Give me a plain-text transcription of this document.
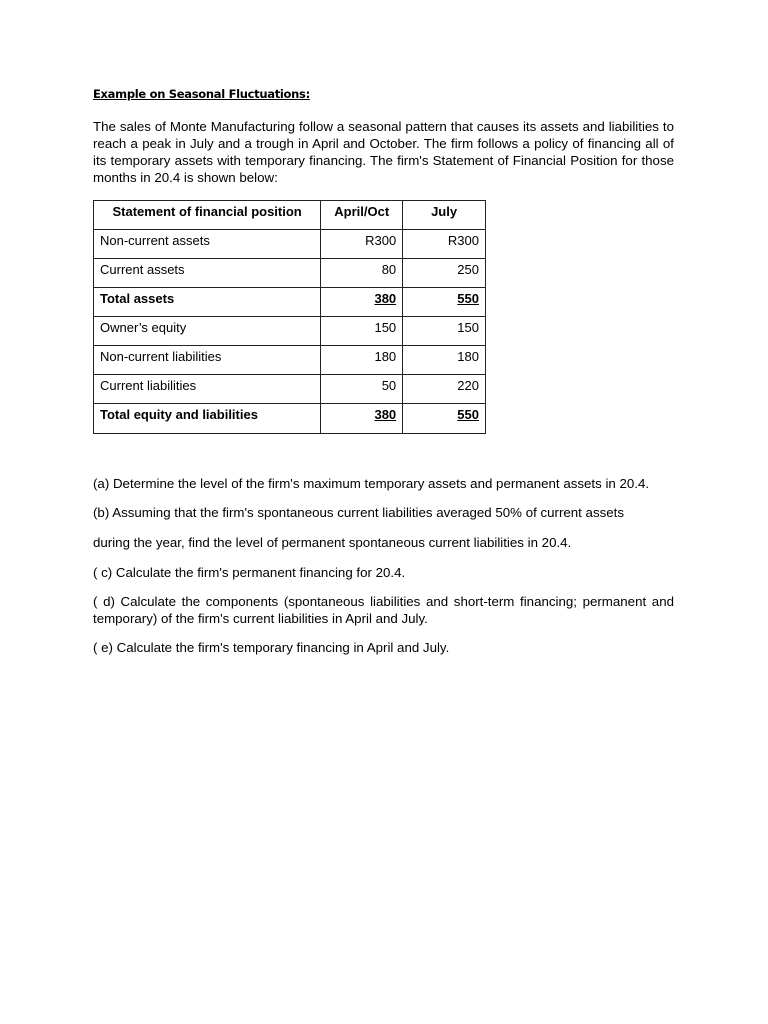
Example on Seasonal Fluctuations:

The sales of Monte Manufacturing follow a seasonal pattern that causes its assets and liabilities to reach a peak in July and a trough in April and October. The firm follows a policy of financing all of its temporary assets with temporary financing. The firm's Statement of Financial Position for those months in 20.4 is shown below:

Statement of financial position	April/Oct	July
Non-current assets	R300	R300
Current assets	80	250
Total assets	380	550
Owner’s equity	150	150
Non-current liabilities	180	180
Current liabilities	50	220
Total equity and liabilities	380	550

(a) Determine the level of the firm's maximum temporary assets and permanent assets in 20.4.

(b) Assuming that the firm's spontaneous current liabilities averaged 50% of current assets

during the year, find the level of permanent spontaneous current liabilities in 20.4.

( c) Calculate the firm's permanent financing for 20.4.

( d) Calculate the components (spontaneous liabilities and short-term financing; permanent and temporary) of the firm's current liabilities in April and July.

( e) Calculate the firm's temporary financing in April and July.
